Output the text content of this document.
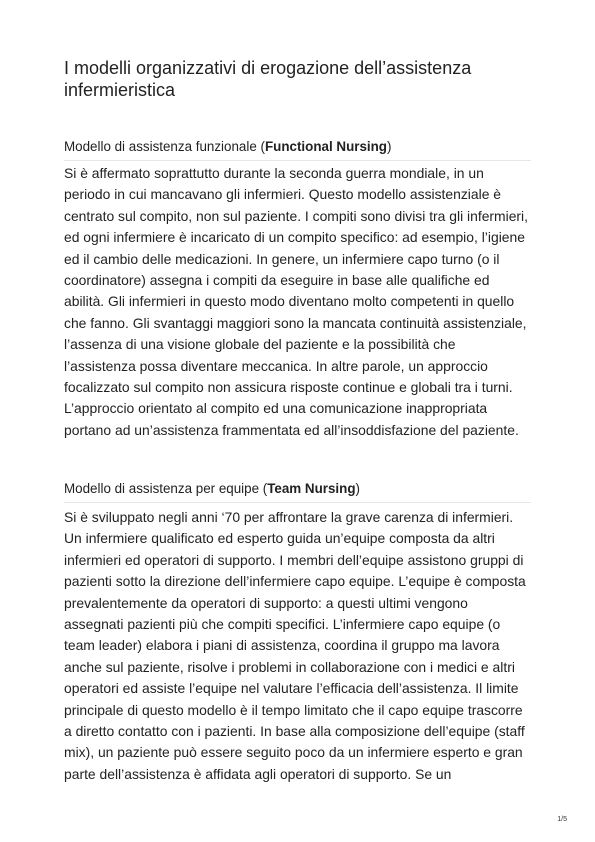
I modelli organizzativi di erogazione dell’assistenza infermieristica
Modello di assistenza funzionale (Functional Nursing)

Si è affermato soprattutto durante la seconda guerra mondiale, in un periodo in cui mancavano gli infermieri. Questo modello assistenziale è centrato sul compito, non sul paziente. I compiti sono divisi tra gli infermieri, ed ogni infermiere è incaricato di un compito specifico: ad esempio, l’igiene ed il cambio delle medicazioni. In genere, un infermiere capo turno (o il coordinatore) assegna i compiti da eseguire in base alle qualifiche ed abilità. Gli infermieri in questo modo diventano molto competenti in quello che fanno. Gli svantaggi maggiori sono la mancata continuità assistenziale, l’assenza di una visione globale del paziente e la possibilità che l’assistenza possa diventare meccanica. In altre parole, un approccio focalizzato sul compito non assicura risposte continue e globali tra i turni. L’approccio orientato al compito ed una comunicazione inappropriata portano ad un’assistenza frammentata ed all’insoddisfazione del paziente.

Modello di assistenza per equipe (Team Nursing)

Si è sviluppato negli anni ‘70 per affrontare la grave carenza di infermieri. Un infermiere qualificato ed esperto guida un’equipe composta da altri infermieri ed operatori di supporto. I membri dell’equipe assistono gruppi di pazienti sotto la direzione dell’infermiere capo equipe. L’equipe è composta prevalentemente da operatori di supporto: a questi ultimi vengono assegnati pazienti più che compiti specifici. L’infermiere capo equipe (o team leader) elabora i piani di assistenza, coordina il gruppo ma lavora anche sul paziente, risolve i problemi in collaborazione con i medici e altri operatori ed assiste l’equipe nel valutare l’efficacia dell’assistenza. Il limite principale di questo modello è il tempo limitato che il capo equipe trascorre a diretto contatto con i pazienti. In base alla composizione dell’equipe (staff mix), un paziente può essere seguito poco da un infermiere esperto e gran parte dell’assistenza è affidata agli operatori di supporto. Se un

1/5
